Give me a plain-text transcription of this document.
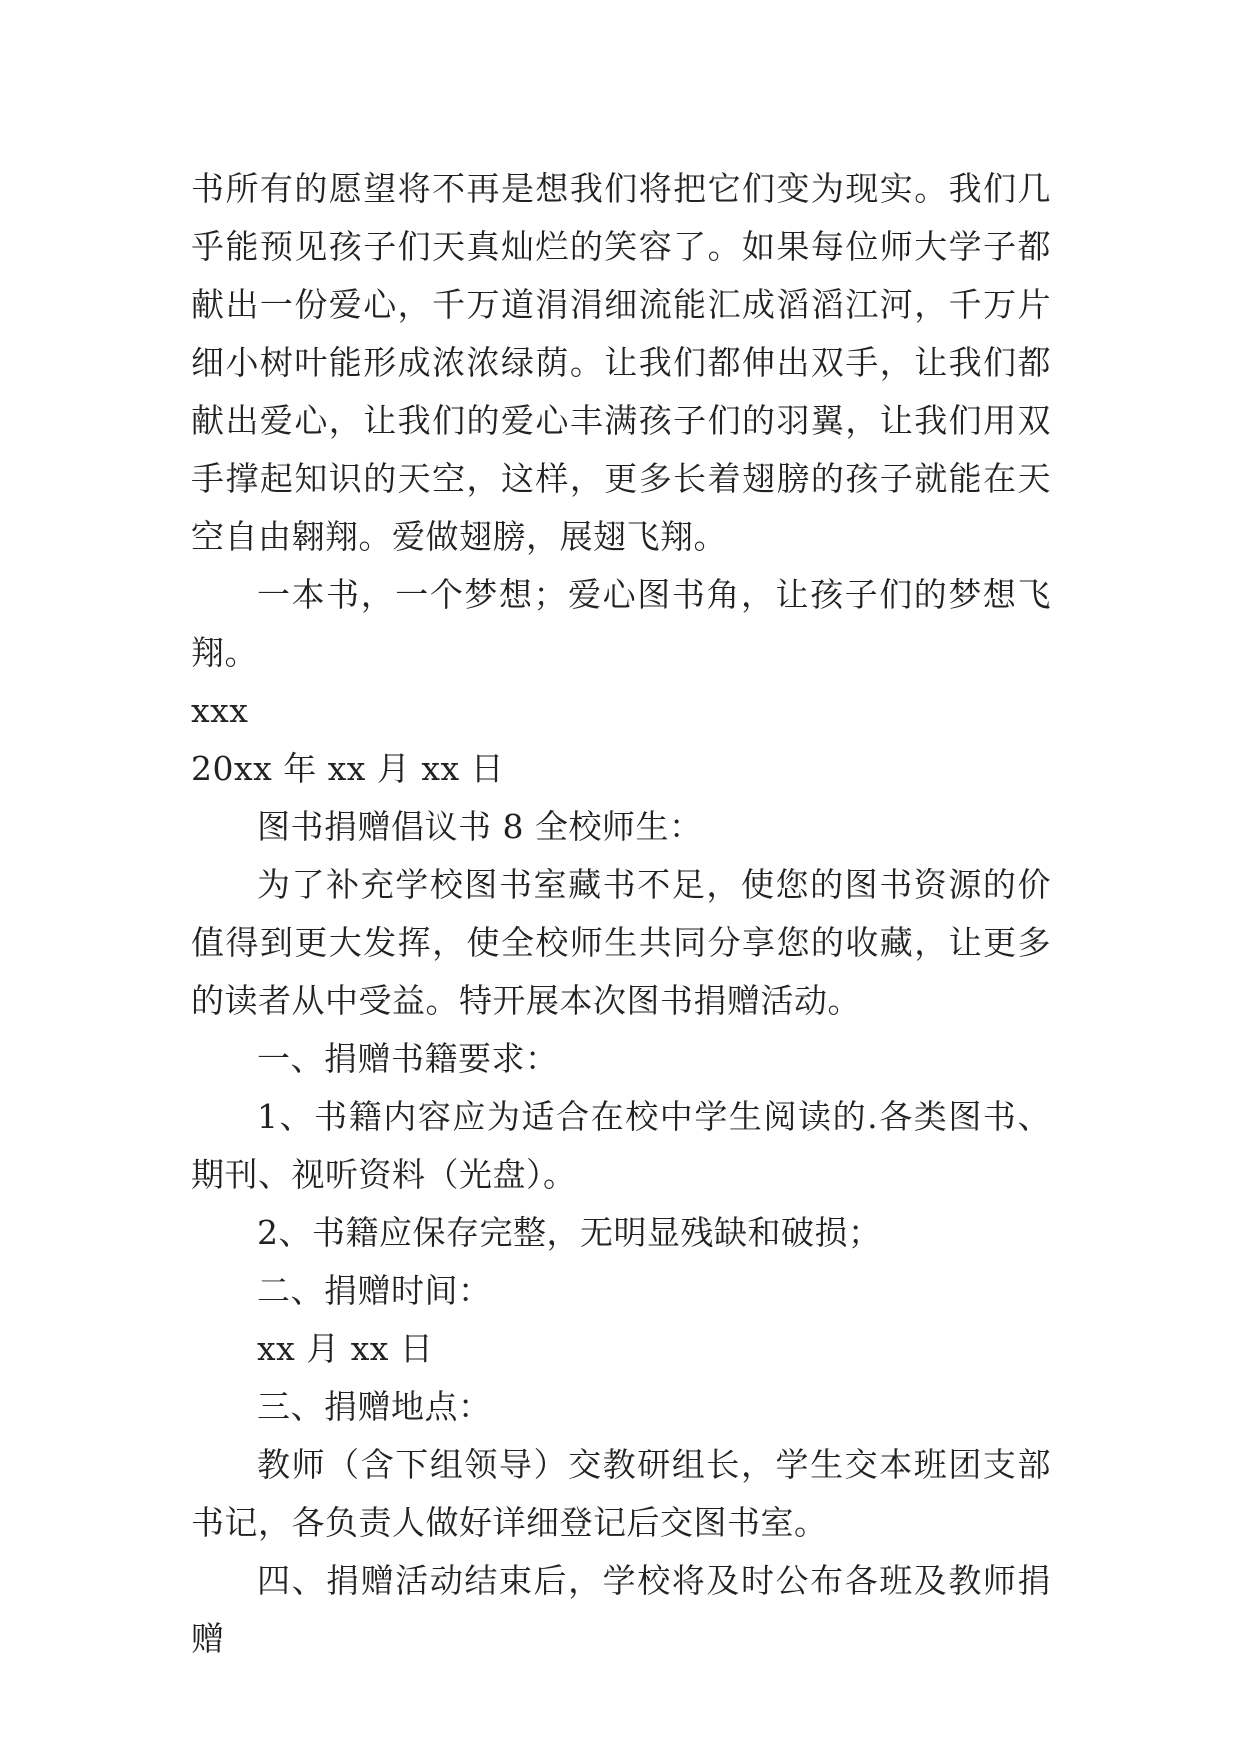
书所有的愿望将不再是想我们将把它们变为现实。我们几乎能预见孩子们天真灿烂的笑容了。如果每位师大学子都献出一份爱心，千万道涓涓细流能汇成滔滔江河，千万片细小树叶能形成浓浓绿荫。让我们都伸出双手，让我们都献出爱心，让我们的爱心丰满孩子们的羽翼，让我们用双手撑起知识的天空，这样，更多长着翅膀的孩子就能在天空自由翱翔。爱做翅膀，展翅飞翔。

一本书，一个梦想；爱心图书角，让孩子们的梦想飞翔。

xxx

20xx 年 xx 月 xx 日

图书捐赠倡议书 8 全校师生：

为了补充学校图书室藏书不足，使您的图书资源的价值得到更大发挥，使全校师生共同分享您的收藏，让更多的读者从中受益。特开展本次图书捐赠活动。

一、捐赠书籍要求：

1、书籍内容应为适合在校中学生阅读的.各类图书、期刊、视听资料（光盘）。

2、书籍应保存完整，无明显残缺和破损；

二、捐赠时间：

xx 月 xx 日

三、捐赠地点：

教师（含下组领导）交教研组长，学生交本班团支部书记，各负责人做好详细登记后交图书室。

四、捐赠活动结束后，学校将及时公布各班及教师捐赠
